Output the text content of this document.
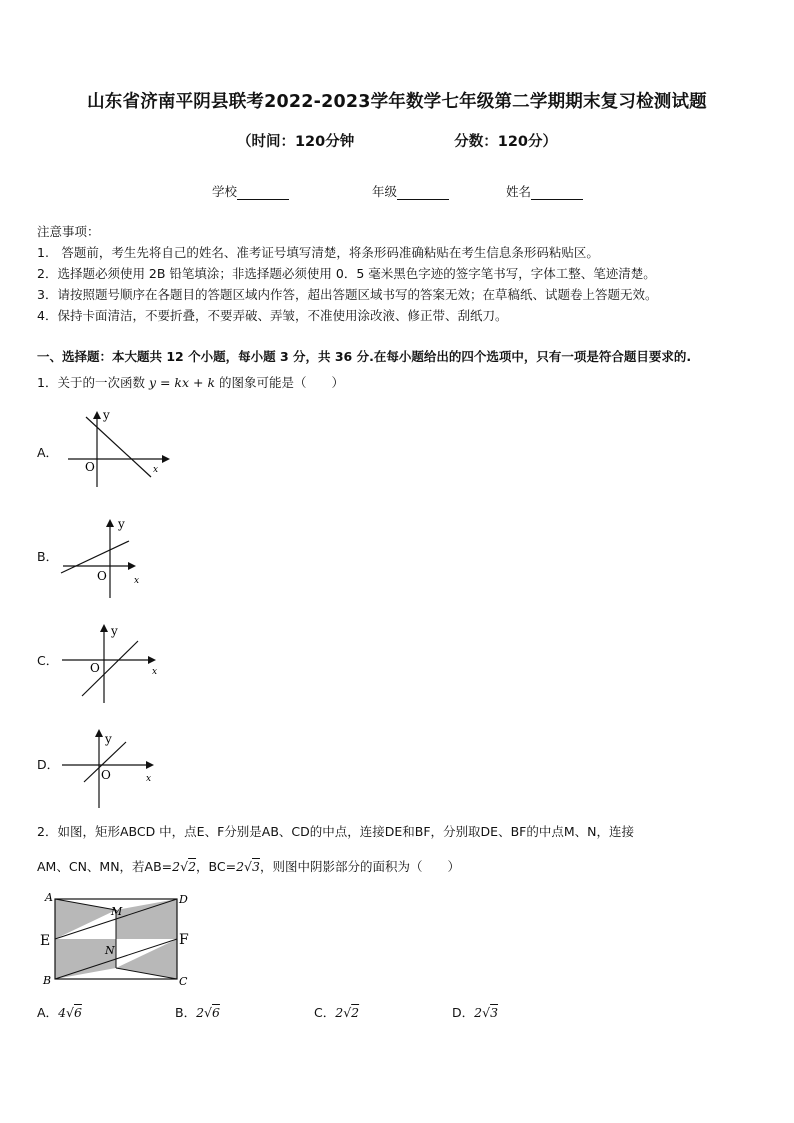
山东省济南平阴县联考2022-2023学年数学七年级第二学期期末复习检测试题
（时间：120分钟	分数：120分）
学校	年级	姓名
注意事项：
1.　答题前，考生先将自己的姓名、准考证号填写清楚，将条形码准确粘贴在考生信息条形码粘贴区。
2．选择题必须使用 2B 铅笔填涂；非选择题必须使用 0．5 毫米黑色字迹的签字笔书写，字体工整、笔迹清楚。
3．请按照题号顺序在各题目的答题区域内作答，超出答题区域书写的答案无效；在草稿纸、试题卷上答题无效。
4．保持卡面清洁，不要折叠，不要弄破、弄皱，不准使用涂改液、修正带、刮纸刀。
一、选择题：本大题共 12 个小题，每小题 3 分，共 36 分.在每小题给出的四个选项中，只有一项是符合题目要求的.
1．关于的一次函数 y = kx + k 的图象可能是（　　）
A．
y
O	x
B．
y
O	x
C．
y
O	x
D．
y
O	x
2．如图，矩形ABCD 中，点E、F分别是AB、CD的中点，连接DE和BF，分别取DE、BF的中点M、N，连接
AM、CN、MN，若AB=2√2，BC=2√3，则图中阴影部分的面积为（　　）
A	D
B	C
E	F
M
N
A．4√6	B．2√6	C．2√2	D．2√3
